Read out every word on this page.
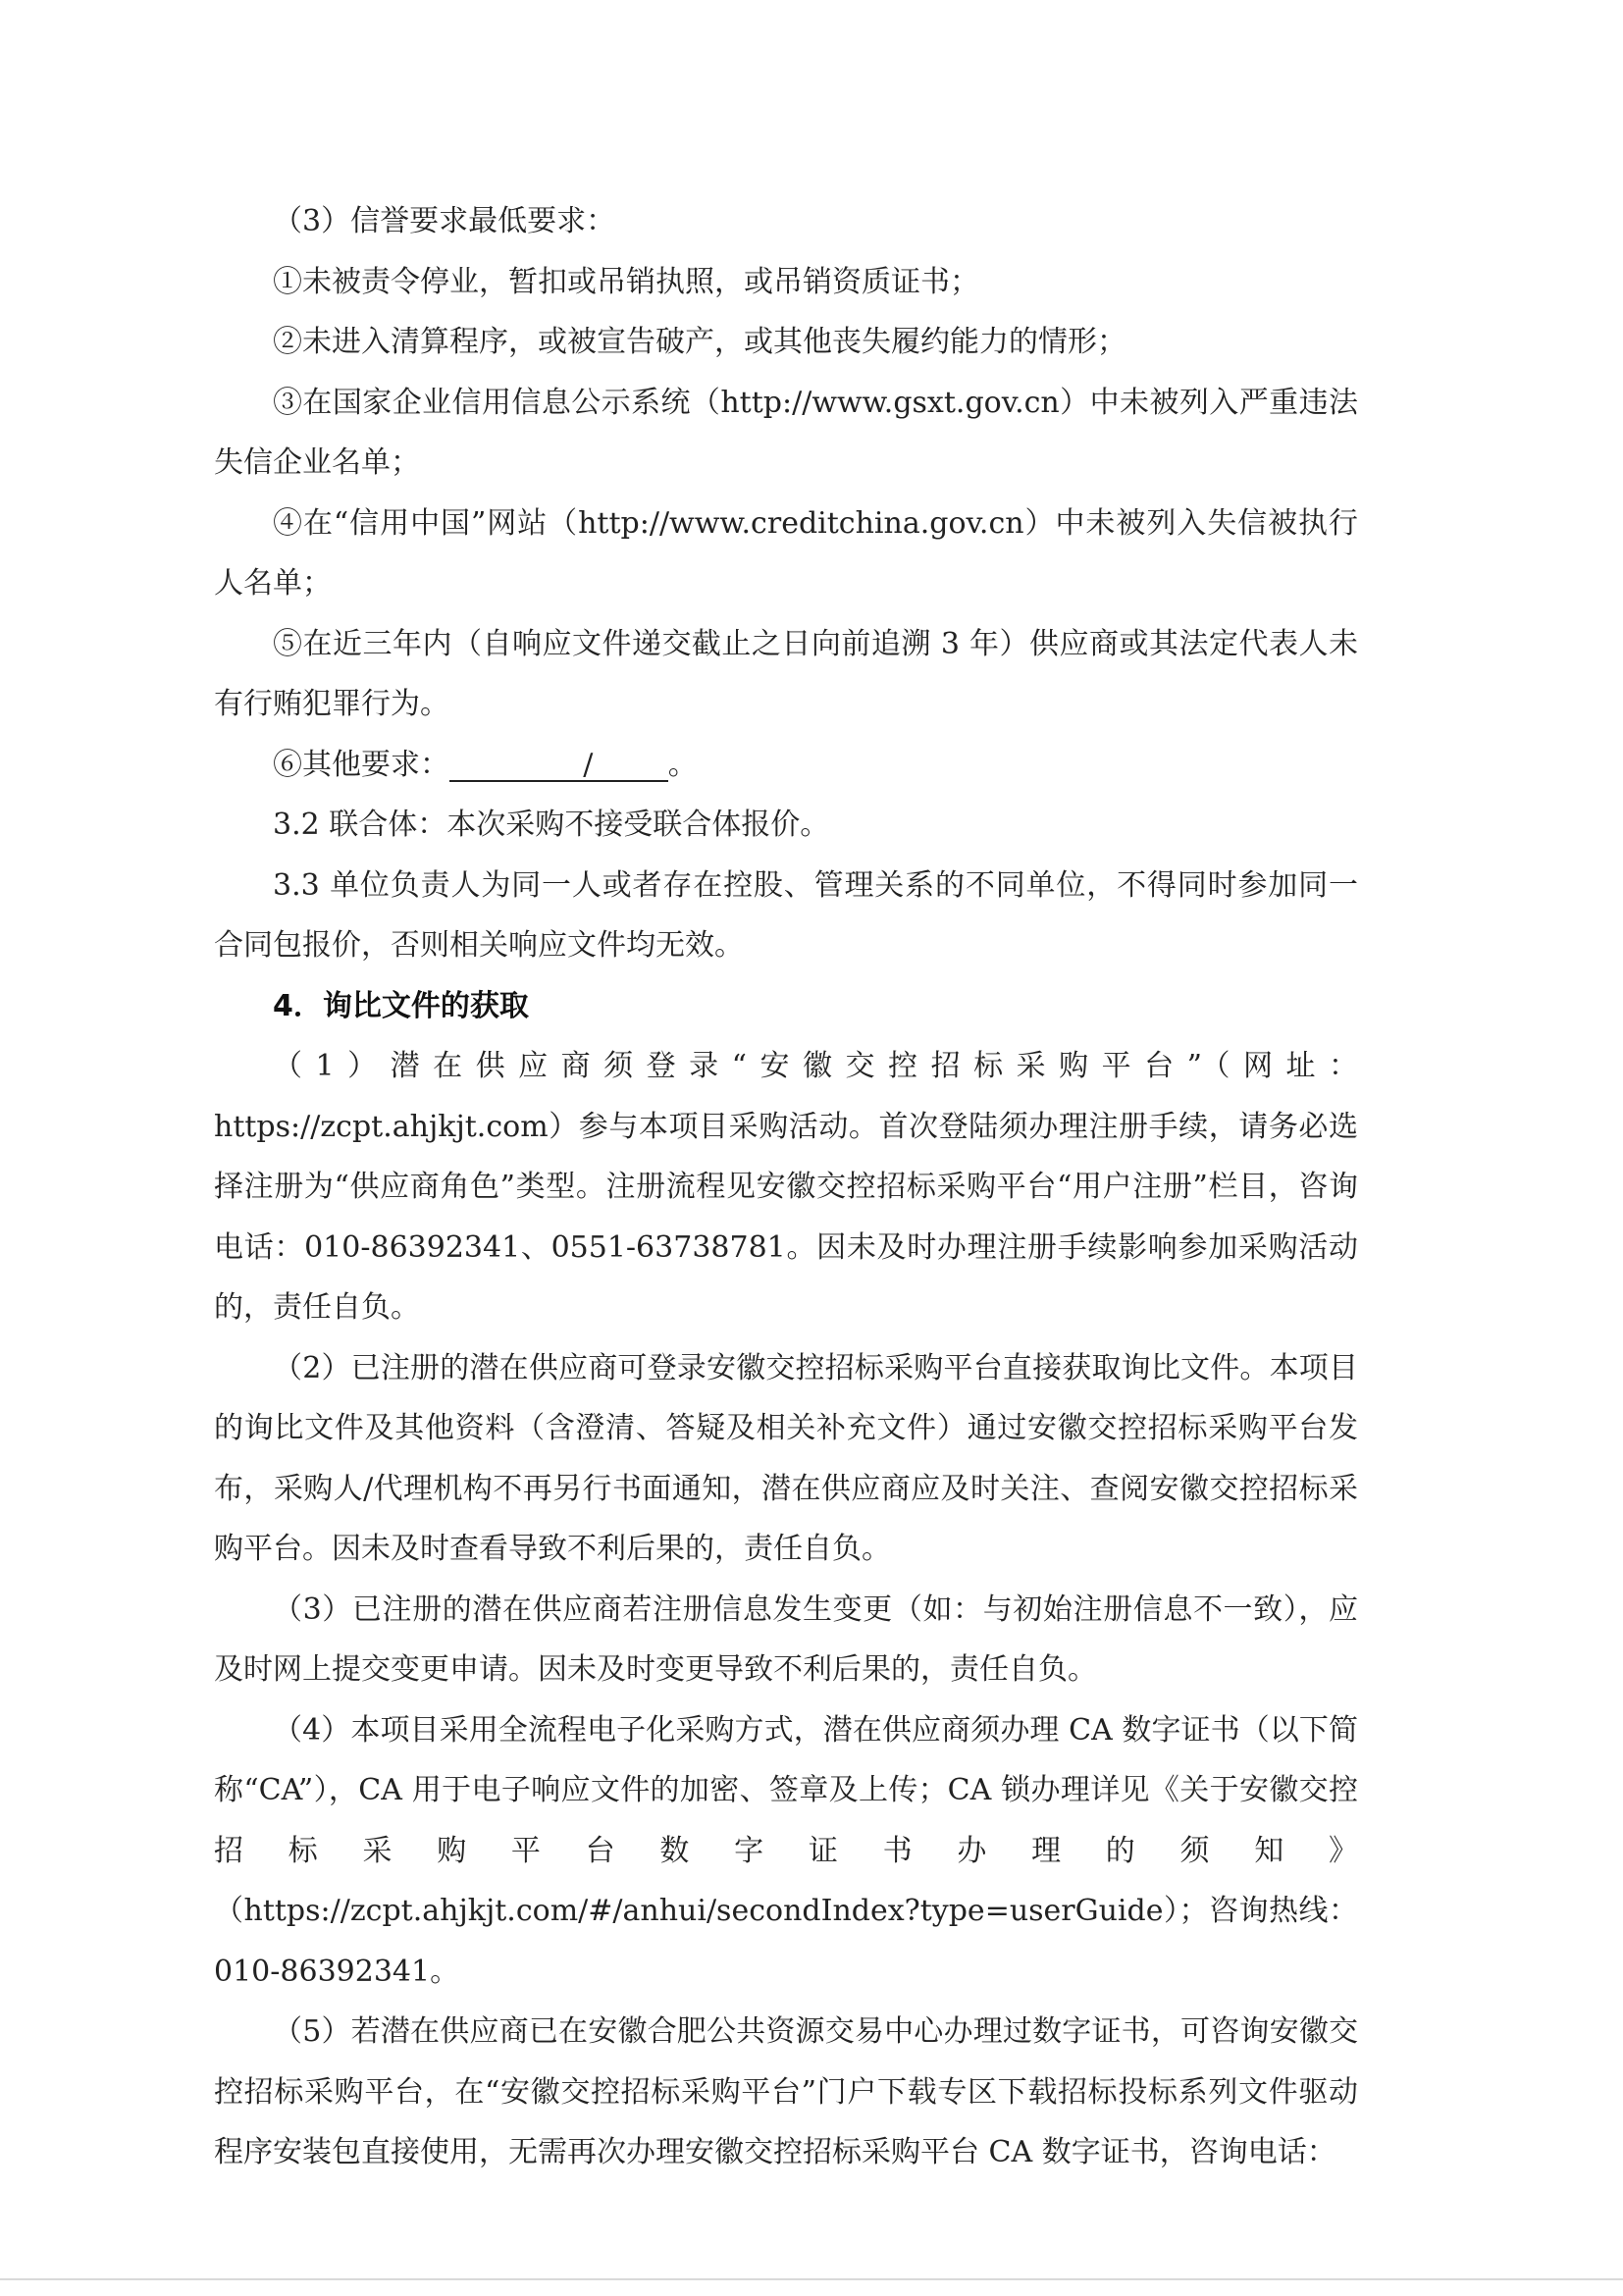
（3）信誉要求最低要求：

①未被责令停业，暂扣或吊销执照，或吊销资质证书；

②未进入清算程序，或被宣告破产，或其他丧失履约能力的情形；

③在国家企业信用信息公示系统（http://www.gsxt.gov.cn）中未被列入严重违法失信企业名单；

④在“信用中国”网站（http://www.creditchina.gov.cn）中未被列入失信被执行人名单；

⑤在近三年内（自响应文件递交截止之日向前追溯 3 年）供应商或其法定代表人未有行贿犯罪行为。

⑥其他要求：	/	。

3.2 联合体：本次采购不接受联合体报价。

3.3 单位负责人为同一人或者存在控股、管理关系的不同单位，不得同时参加同一合同包报价，否则相关响应文件均无效。

4．询比文件的获取

（1）潜在供应商须登录“安徽交控招标采购平台”（网址：https://zcpt.ahjkjt.com）参与本项目采购活动。首次登陆须办理注册手续，请务必选择注册为“供应商角色”类型。注册流程见安徽交控招标采购平台“用户注册”栏目，咨询电话：010-86392341、0551-63738781。因未及时办理注册手续影响参加采购活动的，责任自负。

（2）已注册的潜在供应商可登录安徽交控招标采购平台直接获取询比文件。本项目的询比文件及其他资料（含澄清、答疑及相关补充文件）通过安徽交控招标采购平台发布，采购人/代理机构不再另行书面通知，潜在供应商应及时关注、查阅安徽交控招标采购平台。因未及时查看导致不利后果的，责任自负。

（3）已注册的潜在供应商若注册信息发生变更（如：与初始注册信息不一致），应及时网上提交变更申请。因未及时变更导致不利后果的，责任自负。

（4）本项目采用全流程电子化采购方式，潜在供应商须办理 CA 数字证书（以下简称“CA”），CA 用于电子响应文件的加密、签章及上传；CA 锁办理详见《关于安徽交控招标采购平台数字证书办理的须知》（https://zcpt.ahjkjt.com/#/anhui/secondIndex?type=userGuide）；咨询热线：010-86392341。

（5）若潜在供应商已在安徽合肥公共资源交易中心办理过数字证书，可咨询安徽交控招标采购平台，在“安徽交控招标采购平台”门户下载专区下载招标投标系列文件驱动程序安装包直接使用，无需再次办理安徽交控招标采购平台 CA 数字证书，咨询电话：
